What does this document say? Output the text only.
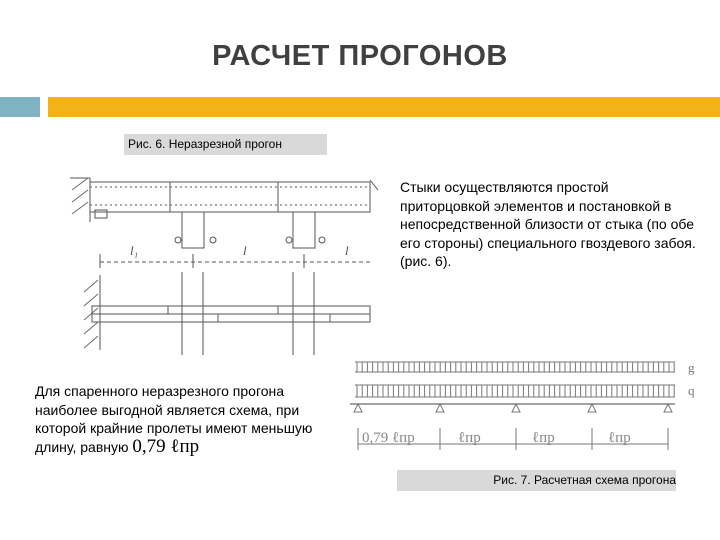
РАСЧЕТ ПРОГОНОВ
Рис. 6. Неразрезной прогон
l₁	l	l
Стыки осуществляются простой приторцовкой элементов и постановкой в непосредственной близости от стыка (по обе его стороны) специального гвоздевого забоя. (рис. 6).
Для спаренного неразрезного прогона наиболее выгодной является схема, при которой крайние пролеты имеют меньшую длину, равную 0,79 ℓпр
g
q
0,79 ℓпр	ℓпр	ℓпр	ℓпр
Рис. 7. Расчетная схема прогона
